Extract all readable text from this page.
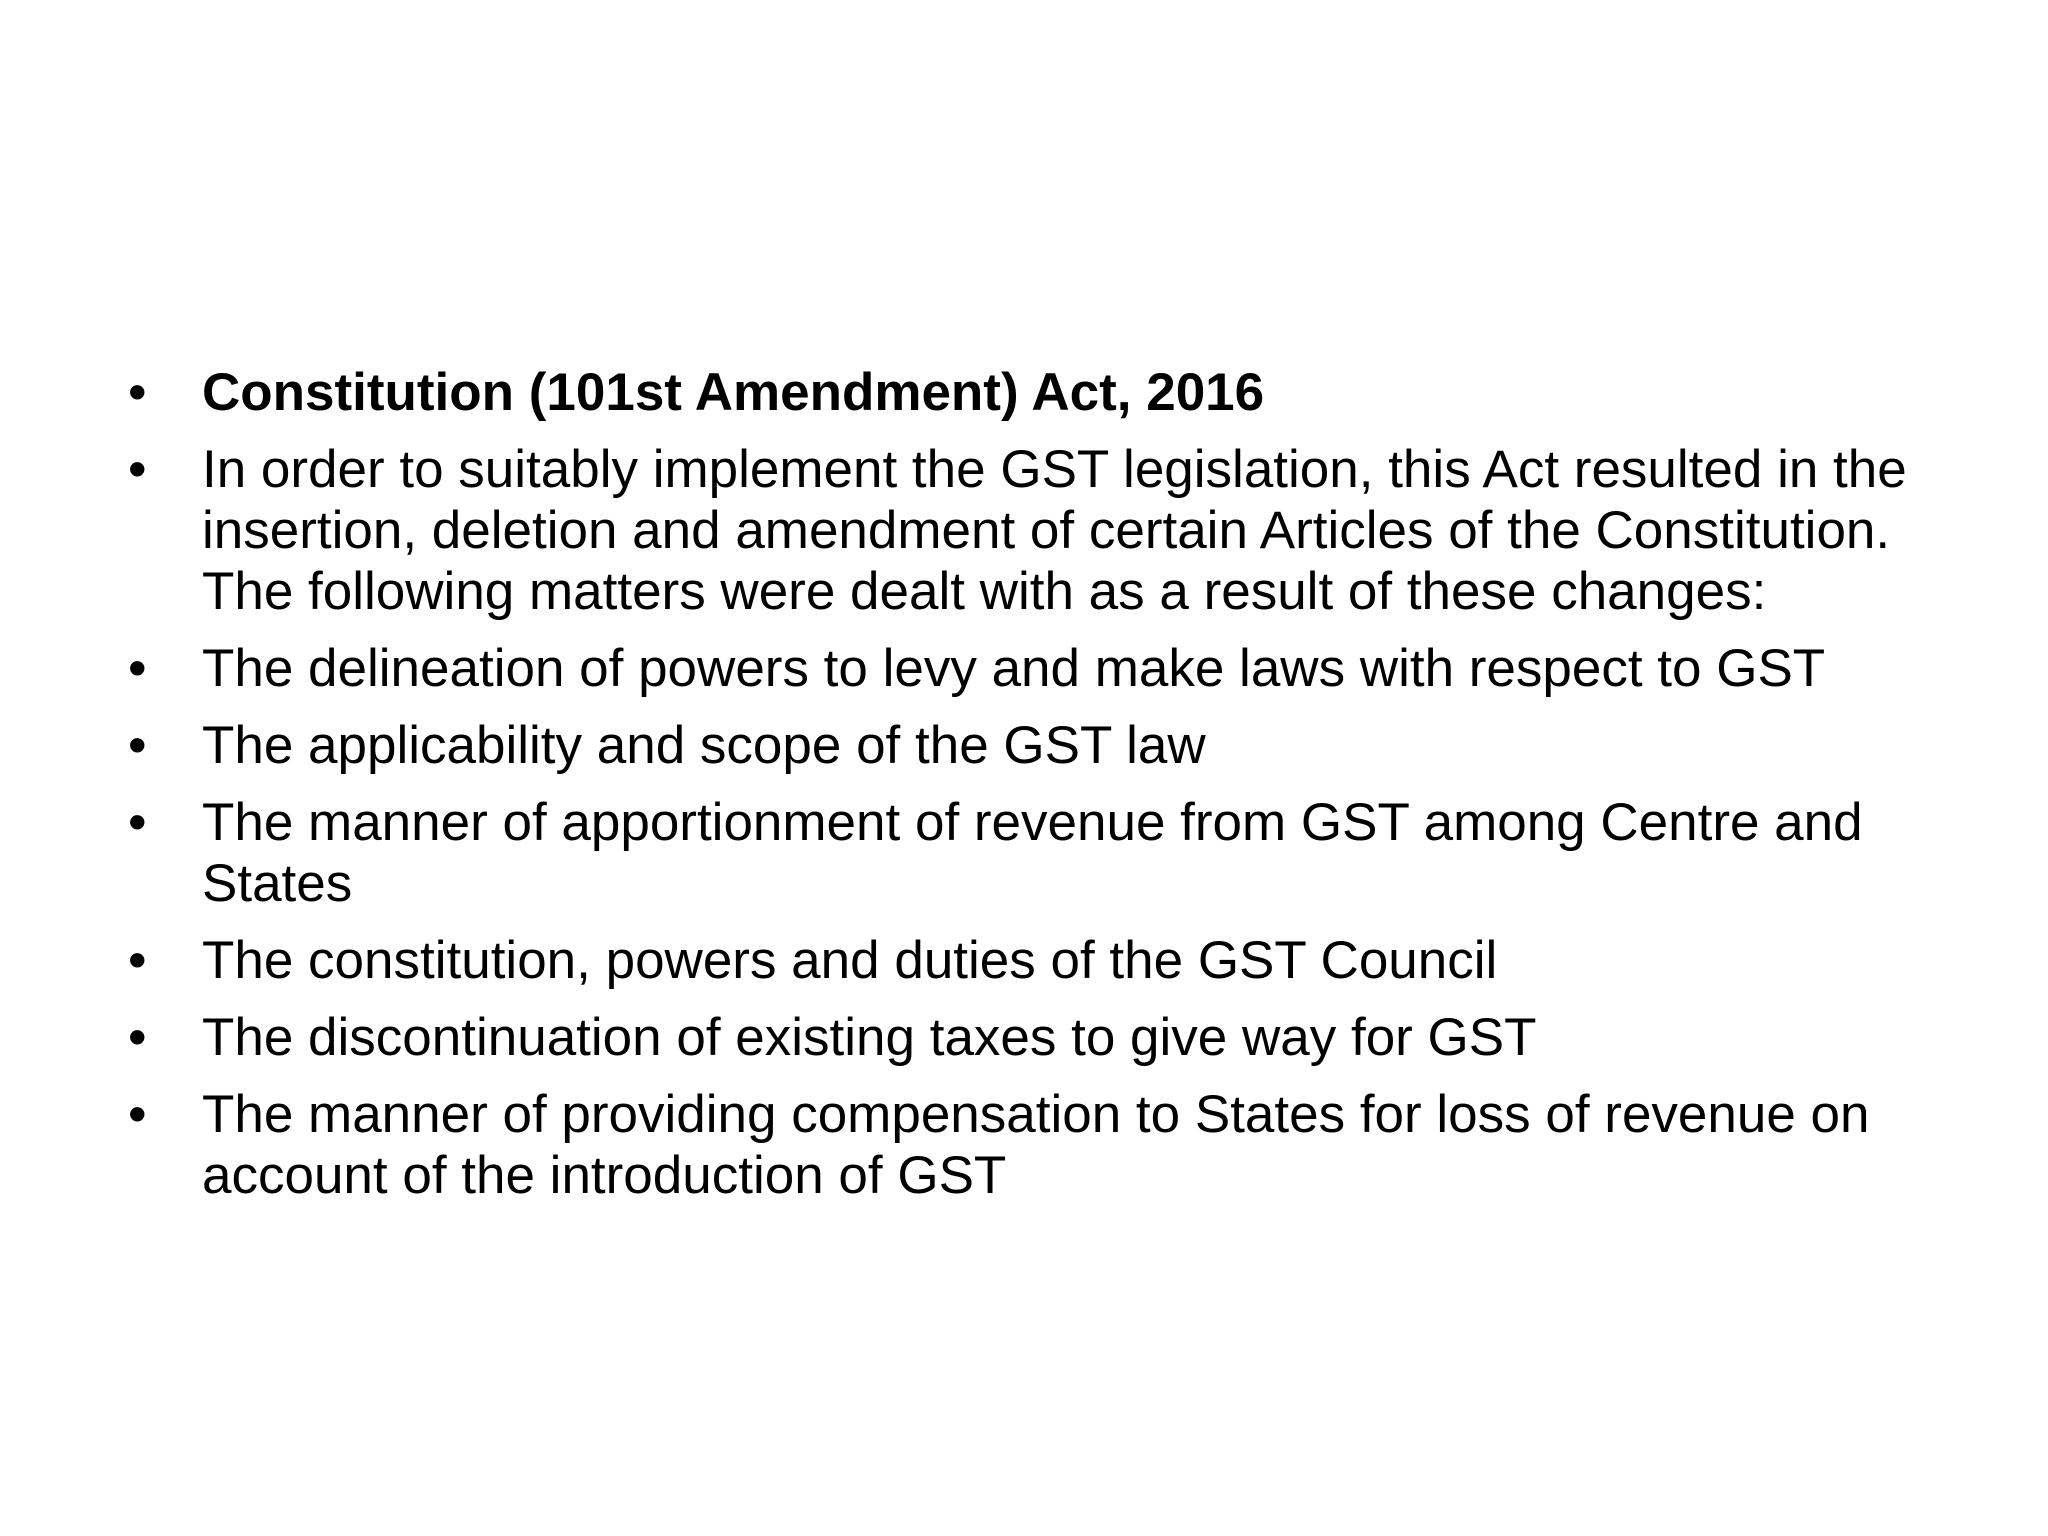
• Constitution (101st Amendment) Act, 2016
• In order to suitably implement the GST legislation, this Act resulted in the insertion, deletion and amendment of certain Articles of the Constitution. The following matters were dealt with as a result of these changes:
• The delineation of powers to levy and make laws with respect to GST
• The applicability and scope of the GST law
• The manner of apportionment of revenue from GST among Centre and States
• The constitution, powers and duties of the GST Council
• The discontinuation of existing taxes to give way for GST
• The manner of providing compensation to States for loss of revenue on account of the introduction of GST
